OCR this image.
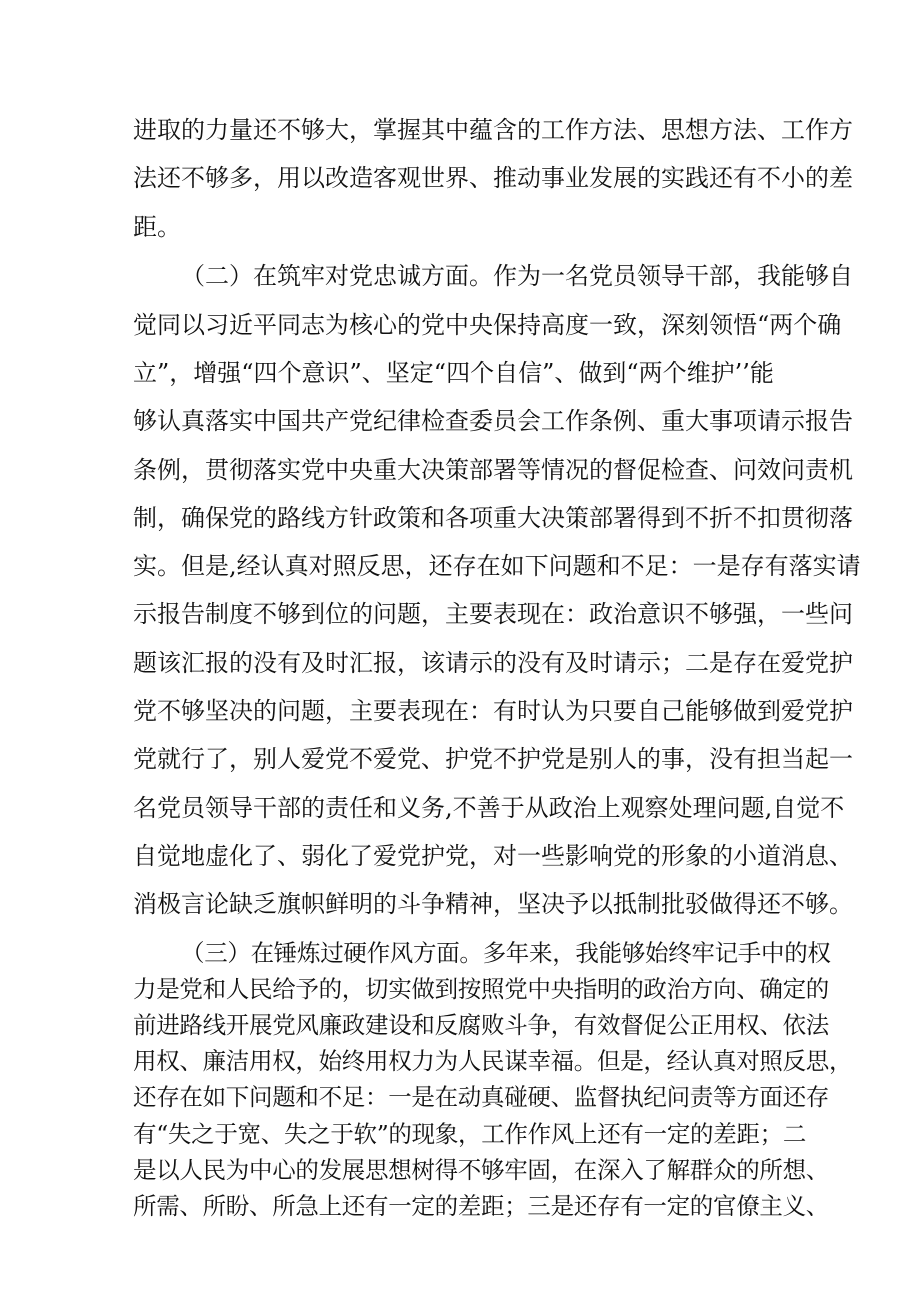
进取的力量还不够大，掌握其中蕴含的工作方法、思想方法、工作方
法还不够多，用以改造客观世界、推动事业发展的实践还有不小的差
距。
（二）在筑牢对党忠诚方面。作为一名党员领导干部，我能够自
觉同以习近平同志为核心的党中央保持高度一致，深刻领悟“两个确
立”，增强“四个意识”、坚定“四个自信”、做到“两个维护’’能
够认真落实中国共产党纪律检查委员会工作条例、重大事项请示报告
条例，贯彻落实党中央重大决策部署等情况的督促检查、问效问责机
制，确保党的路线方针政策和各项重大决策部署得到不折不扣贯彻落
实。但是,经认真对照反思，还存在如下问题和不足：一是存有落实请
示报告制度不够到位的问题，主要表现在：政治意识不够强，一些问
题该汇报的没有及时汇报，该请示的没有及时请示；二是存在爱党护
党不够坚决的问题，主要表现在：有时认为只要自己能够做到爱党护
党就行了，别人爱党不爱党、护党不护党是别人的事，没有担当起一
名党员领导干部的责任和义务,不善于从政治上观察处理问题,自觉不
自觉地虚化了、弱化了爱党护党，对一些影响党的形象的小道消息、
消极言论缺乏旗帜鲜明的斗争精神，坚决予以抵制批驳做得还不够。
（三）在锤炼过硬作风方面。多年来，我能够始终牢记手中的权
力是党和人民给予的，切实做到按照党中央指明的政治方向、确定的
前进路线开展党风廉政建设和反腐败斗争，有效督促公正用权、依法
用权、廉洁用权，始终用权力为人民谋幸福。但是，经认真对照反思，
还存在如下问题和不足：一是在动真碰硬、监督执纪问责等方面还存
有“失之于宽、失之于软”的现象，工作作风上还有一定的差距；二
是以人民为中心的发展思想树得不够牢固，在深入了解群众的所想、
所需、所盼、所急上还有一定的差距；三是还存有一定的官僚主义、
